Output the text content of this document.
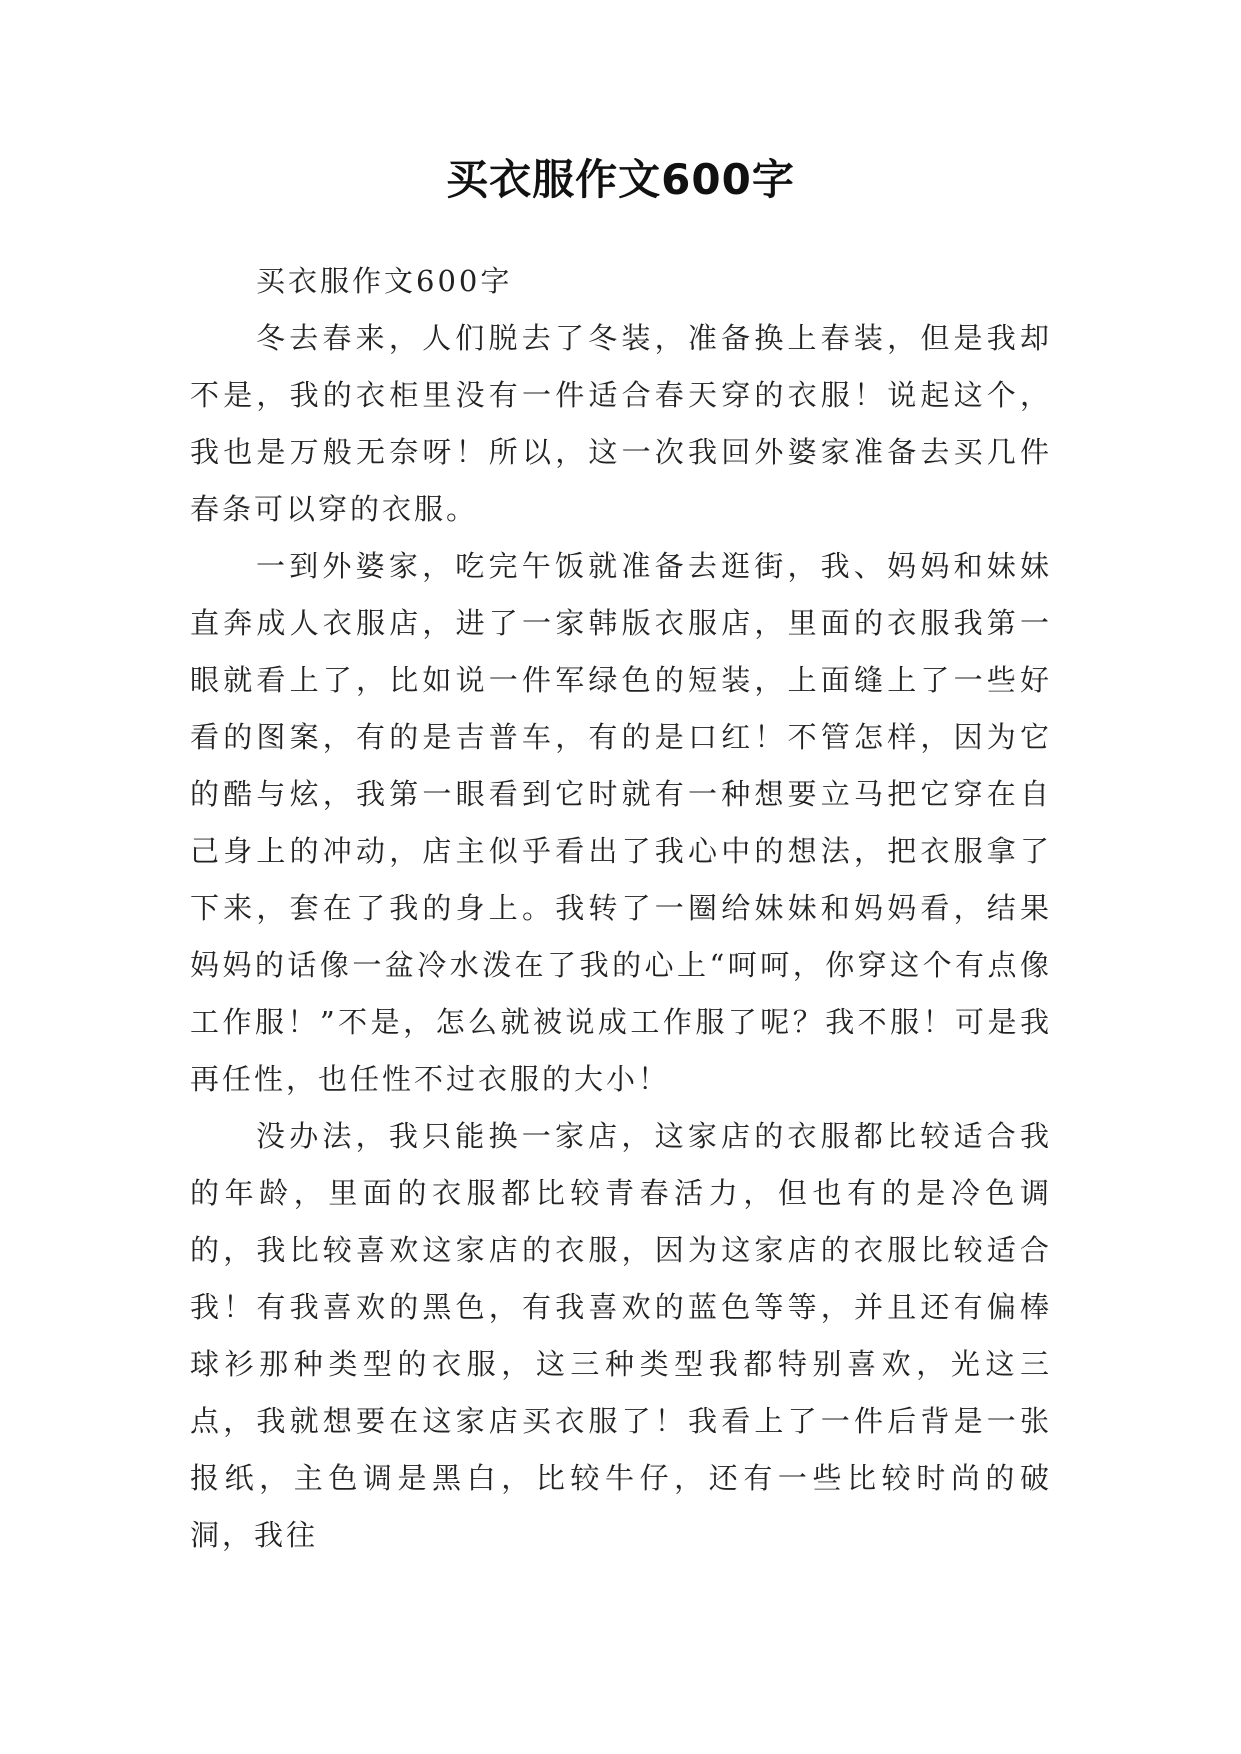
买衣服作文600字

买衣服作文600字

冬去春来，人们脱去了冬装，准备换上春装，但是我却不是，我的衣柜里没有一件适合春天穿的衣服！说起这个，我也是万般无奈呀！所以，这一次我回外婆家准备去买几件春条可以穿的衣服。

一到外婆家，吃完午饭就准备去逛街，我、妈妈和妹妹直奔成人衣服店，进了一家韩版衣服店，里面的衣服我第一眼就看上了，比如说一件军绿色的短装，上面缝上了一些好看的图案，有的是吉普车，有的是口红！不管怎样，因为它的酷与炫，我第一眼看到它时就有一种想要立马把它穿在自己身上的冲动，店主似乎看出了我心中的想法，把衣服拿了下来，套在了我的身上。我转了一圈给妹妹和妈妈看，结果妈妈的话像一盆冷水泼在了我的心上“呵呵，你穿这个有点像工作服！”不是，怎么就被说成工作服了呢？我不服！可是我再任性，也任性不过衣服的大小！

没办法，我只能换一家店，这家店的衣服都比较适合我的年龄，里面的衣服都比较青春活力，但也有的是冷色调的，我比较喜欢这家店的衣服，因为这家店的衣服比较适合我！有我喜欢的黑色，有我喜欢的蓝色等等，并且还有偏棒球衫那种类型的衣服，这三种类型我都特别喜欢，光这三点，我就想要在这家店买衣服了！我看上了一件后背是一张报纸，主色调是黑白，比较牛仔，还有一些比较时尚的破洞，我往
